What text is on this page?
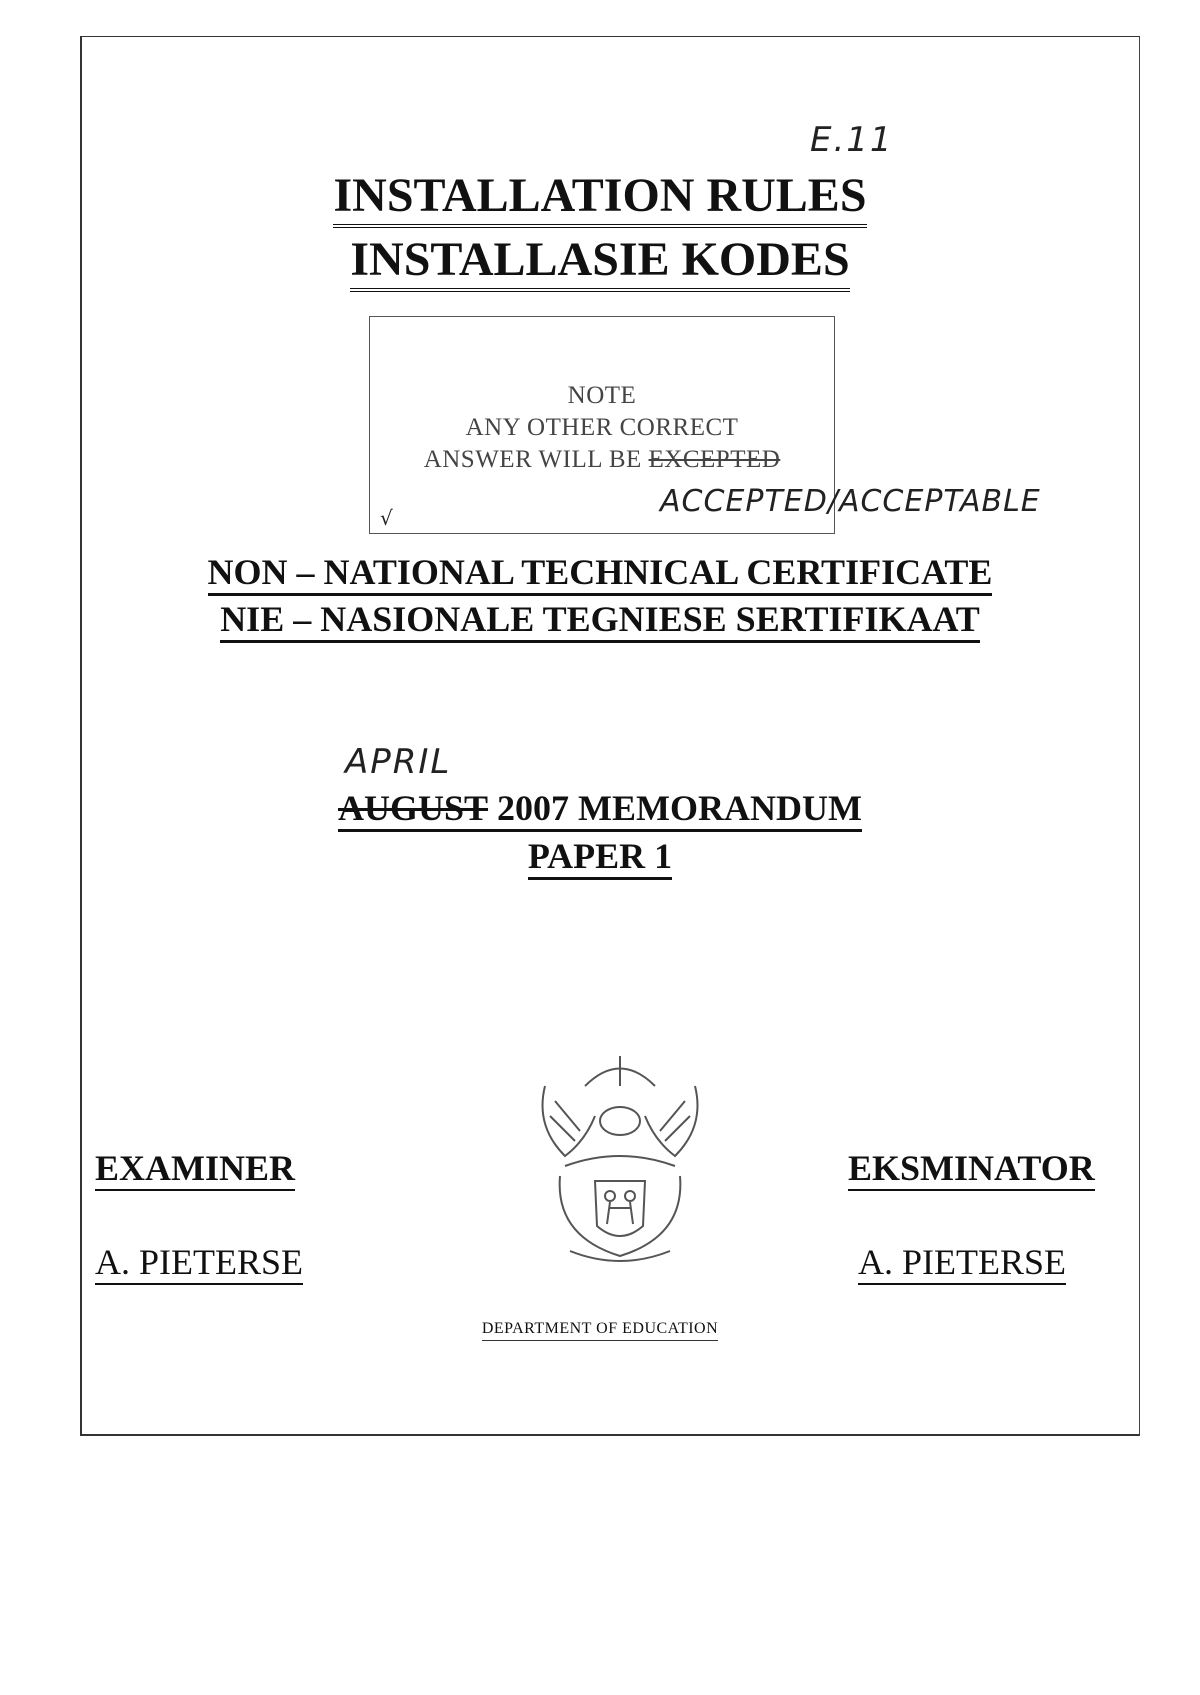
E.11
INSTALLATION RULES
INSTALLASIE KODES
NOTE
ANY OTHER CORRECT
ANSWER WILL BE EXCEPTED
√	ACCEPTED/ACCEPTABLE
NON – NATIONAL TECHNICAL CERTIFICATE
NIE – NASIONALE TEGNIESE SERTIFIKAAT
APRIL
AUGUST 2007 MEMORANDUM
PAPER 1
EXAMINER
A. PIETERSE
EKSMINATOR
A. PIETERSE
DEPARTMENT OF EDUCATION
